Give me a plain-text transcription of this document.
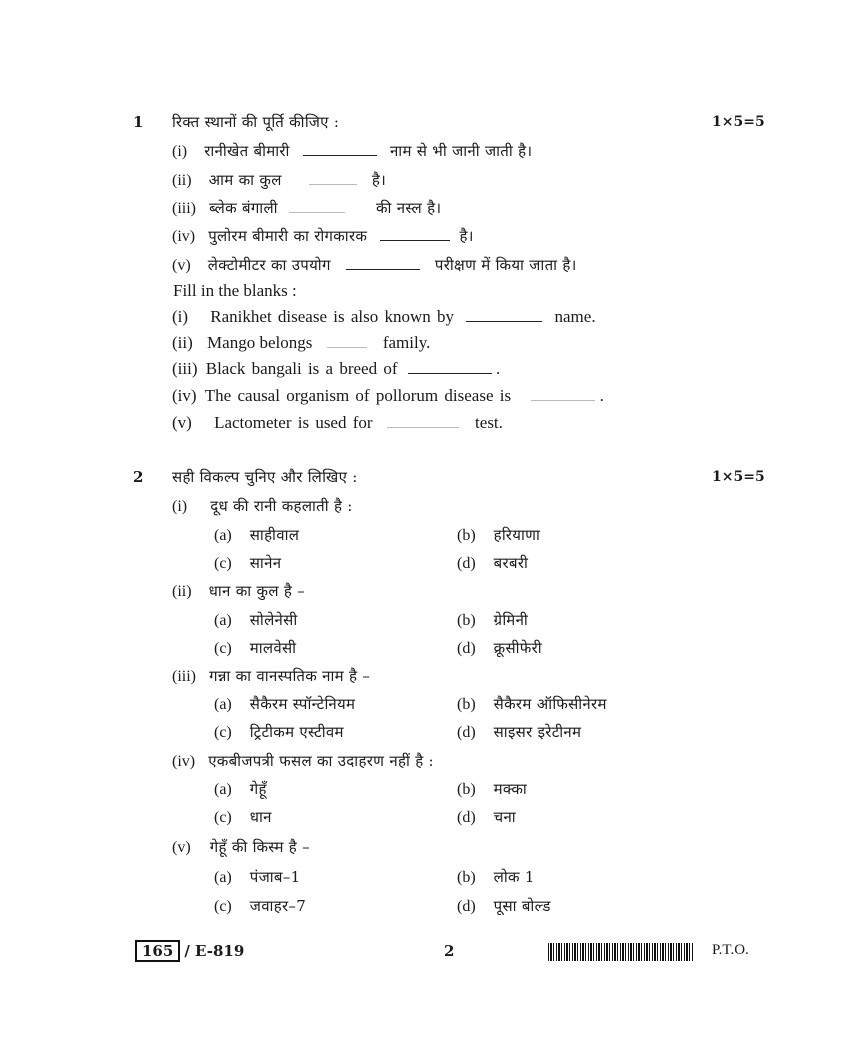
1 रिक्त स्थानों की पूर्ति कीजिए :	1×5=5
(i) रानीखेत बीमारी	नाम से भी जानी जाती है।
(ii) आम का कुल	है।
(iii) ब्लेक बंगाली	की नस्ल है।
(iv) पुलोरम बीमारी का रोगकारक	है।
(v) लेक्टोमीटर का उपयोग	परीक्षण में किया जाता है।
Fill in the blanks :
(i) Ranikhet disease is also known by	name.
(ii) Mango belongs	family.
(iii) Black bangali is a breed of	.
(iv) The causal organism of pollorum disease is	.
(v) Lactometer is used for	test.
2 सही विकल्प चुनिए और लिखिए :	1×5=5
(i) दूध की रानी कहलाती है :
(a) साहीवाल	(b) हरियाणा
(c) सानेन	(d) बरबरी
(ii) धान का कुल है –
(a) सोलेनेसी	(b) ग्रेमिनी
(c) मालवेसी	(d) क्रूसीफेरी
(iii) गन्ना का वानस्पतिक नाम है –
(a) सैकैरम स्पॉन्टेनियम	(b) सैकैरम ऑफिसीनेरम
(c) ट्रिटीकम एस्टीवम	(d) साइसर इरेटीनम
(iv) एकबीजपत्री फसल का उदाहरण नहीं है :
(a) गेहूँ	(b) मक्का
(c) धान	(d) चना
(v) गेहूँ की किस्म है –
(a) पंजाब–1	(b) लोक 1
(c) जवाहर–7	(d) पूसा बोल्ड
165 / E-819	2	P.T.O.
